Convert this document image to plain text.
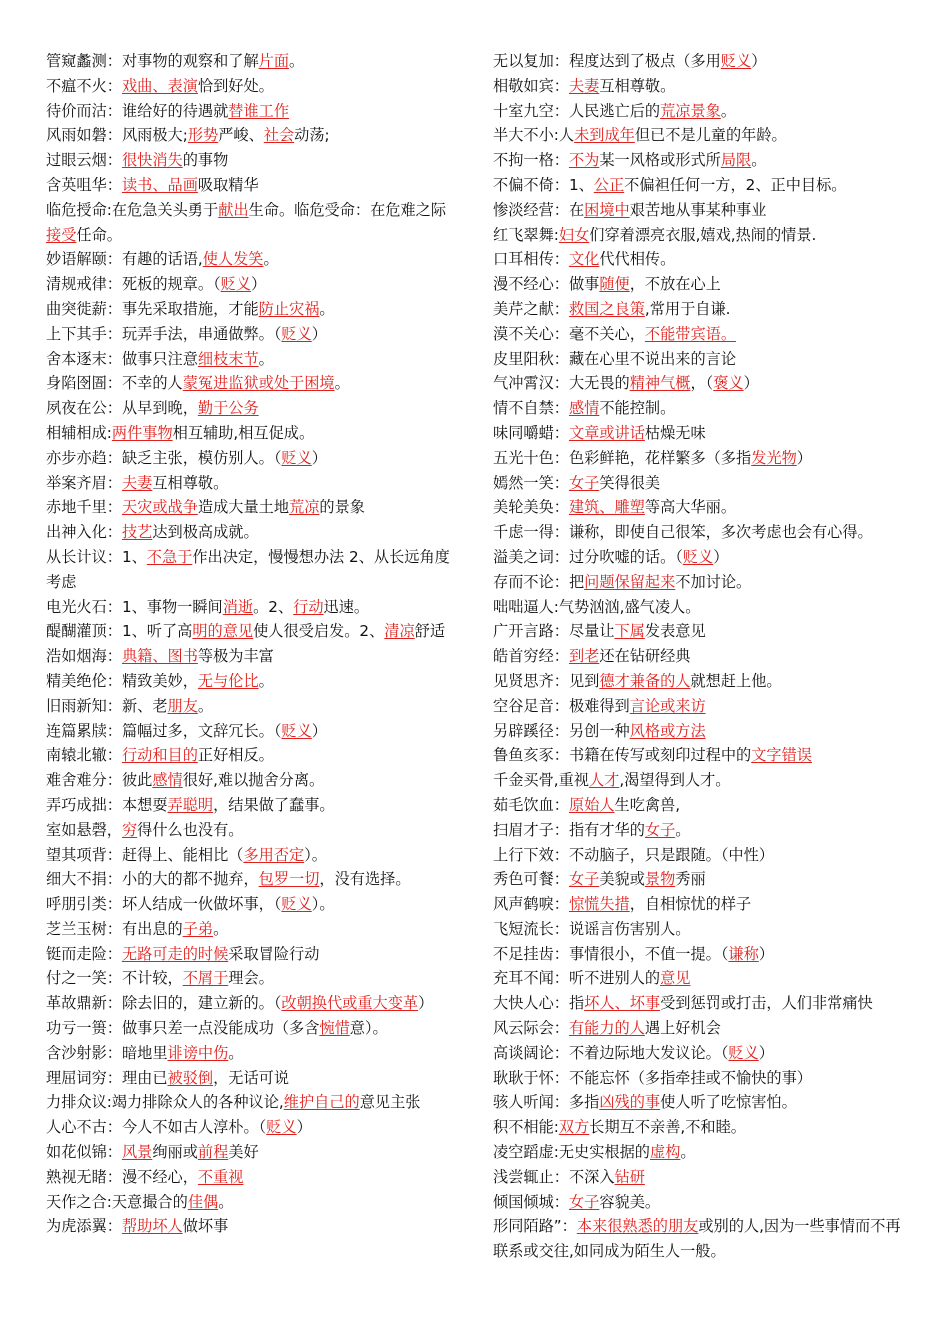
管窥蠡测：对事物的观察和了解片面。

不瘟不火：戏曲、表演恰到好处。

待价而沽：谁给好的待遇就替谁工作

风雨如磐：风雨极大;形势严峻、社会动荡;

过眼云烟：很快消失的事物

含英咀华：读书、品画吸取精华

临危授命:在危急关头勇于献出生命。临危受命：在危难之际接受任命。

妙语解颐：有趣的话语,使人发笑。

清规戒律：死板的规章。（贬义）

曲突徙薪：事先采取措施，才能防止灾祸。

上下其手：玩弄手法，串通做弊。（贬义）

舍本逐末：做事只注意细枝末节。

身陷囹圄：不幸的人蒙冤进监狱或处于困境。

夙夜在公：从早到晚，勤于公务

相辅相成:两件事物相互辅助,相互促成。

亦步亦趋：缺乏主张，模仿别人。（贬义）

举案齐眉：夫妻互相尊敬。

赤地千里：天灾或战争造成大量土地荒凉的景象

出神入化：技艺达到极高成就。

从长计议：1、不急于作出决定，慢慢想办法 2、从长远角度考虑

电光火石：1、事物一瞬间消逝。2、行动迅速。

醍醐灌顶：1、听了高明的意见使人很受启发。2、清凉舒适

浩如烟海：典籍、图书等极为丰富

精美绝伦：精致美妙，无与伦比。

旧雨新知：新、老朋友。

连篇累牍：篇幅过多，文辞冗长。（贬义）

南辕北辙：行动和目的正好相反。

难舍难分：彼此感情很好,难以抛舍分离。

弄巧成拙：本想耍弄聪明，结果做了蠢事。

室如悬磬，穷得什么也没有。

望其项背：赶得上、能相比（多用否定）。

细大不捐：小的大的都不抛弃，包罗一切，没有选择。

呼朋引类：坏人结成一伙做坏事，（贬义）。

芝兰玉树：有出息的子弟。

铤而走险：无路可走的时候采取冒险行动

付之一笑：不计较，不屑于理会。

革故鼎新：除去旧的，建立新的。（改朝换代或重大变革）

功亏一篑：做事只差一点没能成功（多含惋惜意）。

含沙射影：暗地里诽谤中伤。

理屈词穷：理由已被驳倒，无话可说

力排众议:竭力排除众人的各种议论,维护自己的意见主张

人心不古：今人不如古人淳朴。（贬义）

如花似锦：风景绚丽或前程美好

熟视无睹：漫不经心，不重视

天作之合:天意撮合的佳偶。

为虎添翼：帮助坏人做坏事

无以复加：程度达到了极点（多用贬义）

相敬如宾：夫妻互相尊敬。

十室九空：人民逃亡后的荒凉景象。

半大不小:人未到成年但已不是儿童的年龄。

不拘一格：不为某一风格或形式所局限。

不偏不倚：1、公正不偏袒任何一方，2、正中目标。

惨淡经营：在困境中艰苦地从事某种事业

红飞翠舞:妇女们穿着漂亮衣服,嬉戏,热闹的情景.

口耳相传：文化代代相传。

漫不经心：做事随便，不放在心上

美芹之献：救国之良策,常用于自谦.

漠不关心：毫不关心，不能带宾语。

皮里阳秋：藏在心里不说出来的言论

气冲霄汉：大无畏的精神气概，（褒义）

情不自禁：感情不能控制。

味同嚼蜡：文章或讲话枯燥无味

五光十色：色彩鲜艳，花样繁多（多指发光物）

嫣然一笑：女子笑得很美

美轮美奂：建筑、雕塑等高大华丽。

千虑一得：谦称，即使自己很笨，多次考虑也会有心得。

溢美之词：过分吹嘘的话。（贬义）

存而不论：把问题保留起来不加讨论。

咄咄逼人:气势汹汹,盛气凌人。

广开言路：尽量让下属发表意见

皓首穷经：到老还在钻研经典

见贤思齐：见到德才兼备的人就想赶上他。

空谷足音：极难得到言论或来访

另辟蹊径：另创一种风格或方法

鲁鱼亥豕：书籍在传写或刻印过程中的文字错误

千金买骨,重视人才,渴望得到人才。

茹毛饮血：原始人生吃禽兽,

扫眉才子：指有才华的女子。

上行下效：不动脑子，只是跟随。（中性）

秀色可餐：女子美貌或景物秀丽

风声鹤唳：惊慌失措，自相惊忧的样子

飞短流长：说谣言伤害别人。

不足挂齿：事情很小，不值一提。（谦称）

充耳不闻：听不进别人的意见

大快人心：指坏人、坏事受到惩罚或打击，人们非常痛快

风云际会：有能力的人遇上好机会

高谈阔论：不着边际地大发议论。（贬义）

耿耿于怀：不能忘怀（多指牵挂或不愉快的事）

骇人听闻：多指凶残的事使人听了吃惊害怕。

积不相能:双方长期互不亲善,不和睦。

凌空蹈虚:无史实根据的虚构。

浅尝辄止：不深入钻研

倾国倾城：女子容貌美。

形同陌路”：本来很熟悉的朋友或别的人,因为一些事情而不再联系或交往,如同成为陌生人一般。
